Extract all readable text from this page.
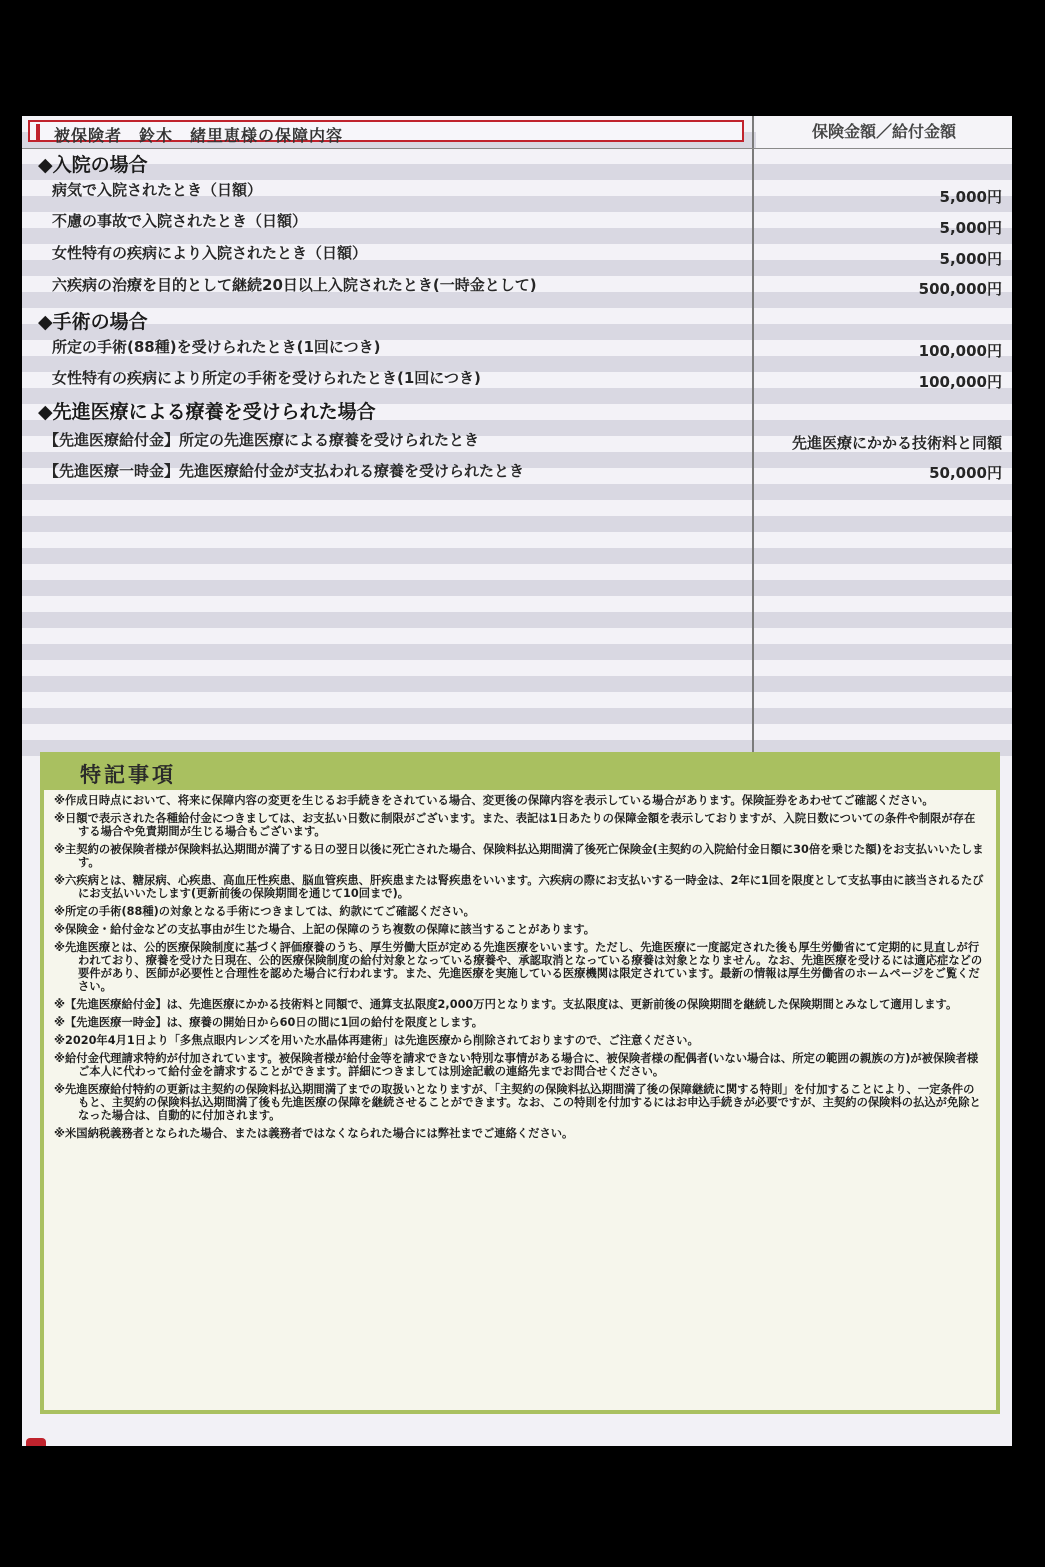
被保険者　鈴木　緒里恵様の保障内容	保険金額／給付金額
◆入院の場合
病気で入院されたとき（日額）	5,000円
不慮の事故で入院されたとき（日額）	5,000円
女性特有の疾病により入院されたとき（日額）	5,000円
六疾病の治療を目的として継続20日以上入院されたとき(一時金として)	500,000円
◆手術の場合
所定の手術(88種)を受けられたとき(1回につき)	100,000円
女性特有の疾病により所定の手術を受けられたとき(1回につき)	100,000円
◆先進医療による療養を受けられた場合
【先進医療給付金】所定の先進医療による療養を受けられたとき	先進医療にかかる技術料と同額
【先進医療一時金】先進医療給付金が支払われる療養を受けられたとき	50,000円
特記事項

※作成日時点において、将来に保障内容の変更を生じるお手続きをされている場合、変更後の保障内容を表示している場合があります。保険証券をあわせてご確認ください。

※日額で表示された各種給付金につきましては、お支払い日数に制限がございます。また、表記は1日あたりの保障金額を表示しておりますが、入院日数についての条件や制限が存在する場合や免責期間が生じる場合もございます。

※主契約の被保険者様が保険料払込期間が満了する日の翌日以後に死亡された場合、保険料払込期間満了後死亡保険金(主契約の入院給付金日額に30倍を乗じた額)をお支払いいたします。

※六疾病とは、糖尿病、心疾患、高血圧性疾患、脳血管疾患、肝疾患または腎疾患をいいます。六疾病の際にお支払いする一時金は、2年に1回を限度として支払事由に該当されるたびにお支払いいたします(更新前後の保険期間を通じて10回まで)。

※所定の手術(88種)の対象となる手術につきましては、約款にてご確認ください。

※保険金・給付金などの支払事由が生じた場合、上記の保障のうち複数の保障に該当することがあります。

※先進医療とは、公的医療保険制度に基づく評価療養のうち、厚生労働大臣が定める先進医療をいいます。ただし、先進医療に一度認定された後も厚生労働省にて定期的に見直しが行われており、療養を受けた日現在、公的医療保険制度の給付対象となっている療養や、承認取消となっている療養は対象となりません。なお、先進医療を受けるには適応症などの要件があり、医師が必要性と合理性を認めた場合に行われます。また、先進医療を実施している医療機関は限定されています。最新の情報は厚生労働省のホームページをご覧ください。

※【先進医療給付金】は、先進医療にかかる技術料と同額で、通算支払限度2,000万円となります。支払限度は、更新前後の保険期間を継続した保険期間とみなして適用します。

※【先進医療一時金】は、療養の開始日から60日の間に1回の給付を限度とします。

※2020年4月1日より「多焦点眼内レンズを用いた水晶体再建術」は先進医療から削除されておりますので、ご注意ください。

※給付金代理請求特約が付加されています。被保険者様が給付金等を請求できない特別な事情がある場合に、被保険者様の配偶者(いない場合は、所定の範囲の親族の方)が被保険者様ご本人に代わって給付金を請求することができます。詳細につきましては別途記載の連絡先までお問合せください。

※先進医療給付特約の更新は主契約の保険料払込期間満了までの取扱いとなりますが、「主契約の保険料払込期間満了後の保障継続に関する特則」を付加することにより、一定条件のもと、主契約の保険料払込期間満了後も先進医療の保障を継続させることができます。なお、この特則を付加するにはお申込手続きが必要ですが、主契約の保険料の払込が免除となった場合は、自動的に付加されます。

※米国納税義務者となられた場合、または義務者ではなくなられた場合には弊社までご連絡ください。
